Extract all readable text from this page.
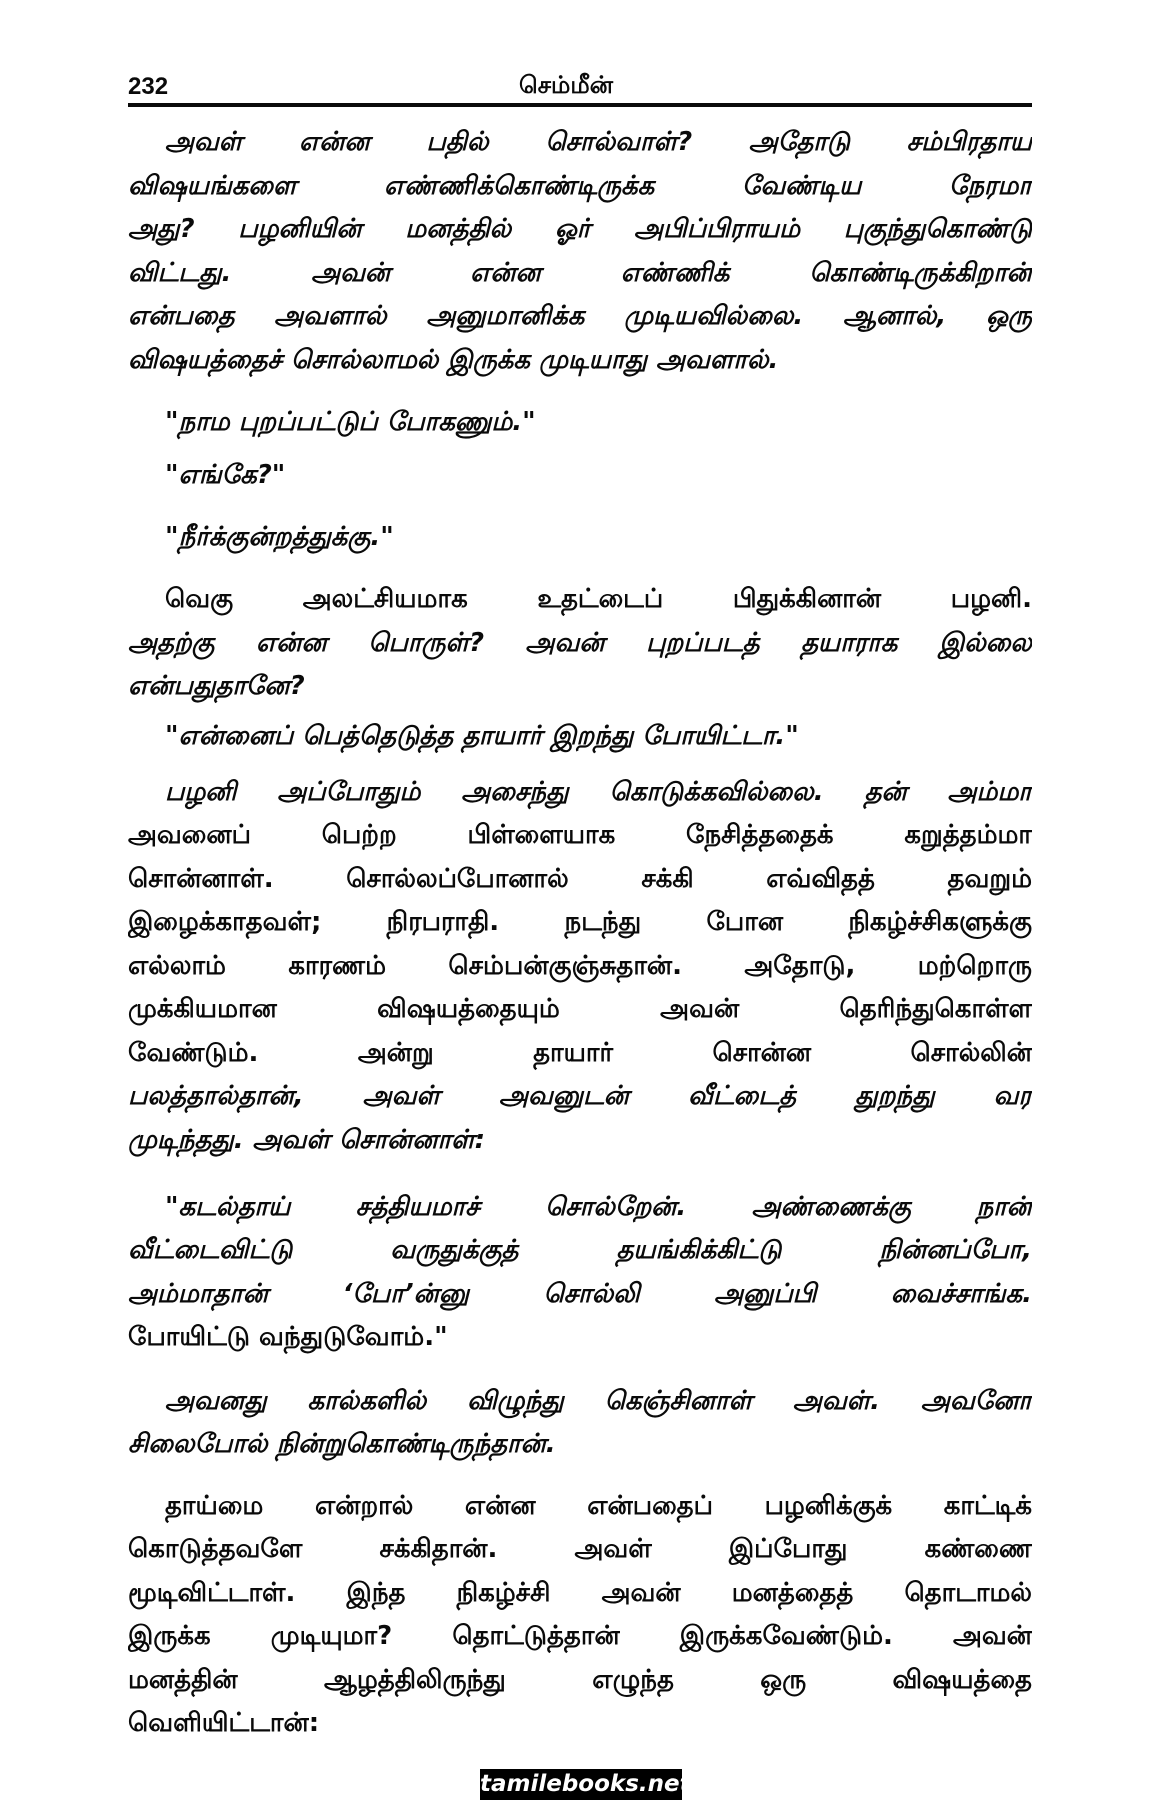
232	செம்மீன்
அவள் என்ன பதில் சொல்வாள்? அதோடு சம்பிரதாய
விஷயங்களை எண்ணிக்கொண்டிருக்க வேண்டிய நேரமா
அது? பழனியின் மனத்தில் ஓர் அபிப்பிராயம் புகுந்துகொண்டு
விட்டது. அவன் என்ன எண்ணிக் கொண்டிருக்கிறான்
என்பதை அவளால் அனுமானிக்க முடியவில்லை. ஆனால், ஒரு
விஷயத்தைச் சொல்லாமல் இருக்க முடியாது அவளால்.
"நாம புறப்பட்டுப் போகணும்."
"எங்கே?"
"நீர்க்குன்றத்துக்கு."
வெகு அலட்சியமாக உதட்டைப் பிதுக்கினான் பழனி.
அதற்கு என்ன பொருள்? அவன் புறப்படத் தயாராக இல்லை
என்பதுதானே?
"என்னைப் பெத்தெடுத்த தாயார் இறந்து போயிட்டா."
பழனி அப்போதும் அசைந்து கொடுக்கவில்லை. தன் அம்மா
அவனைப் பெற்ற பிள்ளையாக நேசித்ததைக் கறுத்தம்மா
சொன்னாள். சொல்லப்போனால் சக்கி எவ்விதத் தவறும்
இழைக்காதவள்; நிரபராதி. நடந்து போன நிகழ்ச்சிகளுக்கு
எல்லாம் காரணம் செம்பன்குஞ்சுதான். அதோடு, மற்றொரு
முக்கியமான விஷயத்தையும் அவன் தெரிந்துகொள்ள
வேண்டும். அன்று தாயார் சொன்ன சொல்லின்
பலத்தால்தான், அவள் அவனுடன் வீட்டைத் துறந்து வர
முடிந்தது. அவள் சொன்னாள்:
"கடல்தாய் சத்தியமாச் சொல்றேன். அண்ணைக்கு நான்
வீட்டைவிட்டு வருதுக்குத் தயங்கிக்கிட்டு நின்னப்போ,
அம்மாதான் ‘போ’ன்னு சொல்லி அனுப்பி வைச்சாங்க.
போயிட்டு வந்துடுவோம்."
அவனது கால்களில் விழுந்து கெஞ்சினாள் அவள். அவனோ
சிலைபோல் நின்றுகொண்டிருந்தான்.
தாய்மை என்றால் என்ன என்பதைப் பழனிக்குக் காட்டிக்
கொடுத்தவளே சக்கிதான். அவள் இப்போது கண்ணை
மூடிவிட்டாள். இந்த நிகழ்ச்சி அவன் மனத்தைத் தொடாமல்
இருக்க முடியுமா? தொட்டுத்தான் இருக்கவேண்டும். அவன்
மனத்தின் ஆழத்திலிருந்து எழுந்த ஒரு விஷயத்தை
வெளியிட்டான்:
tamilebooks.net
